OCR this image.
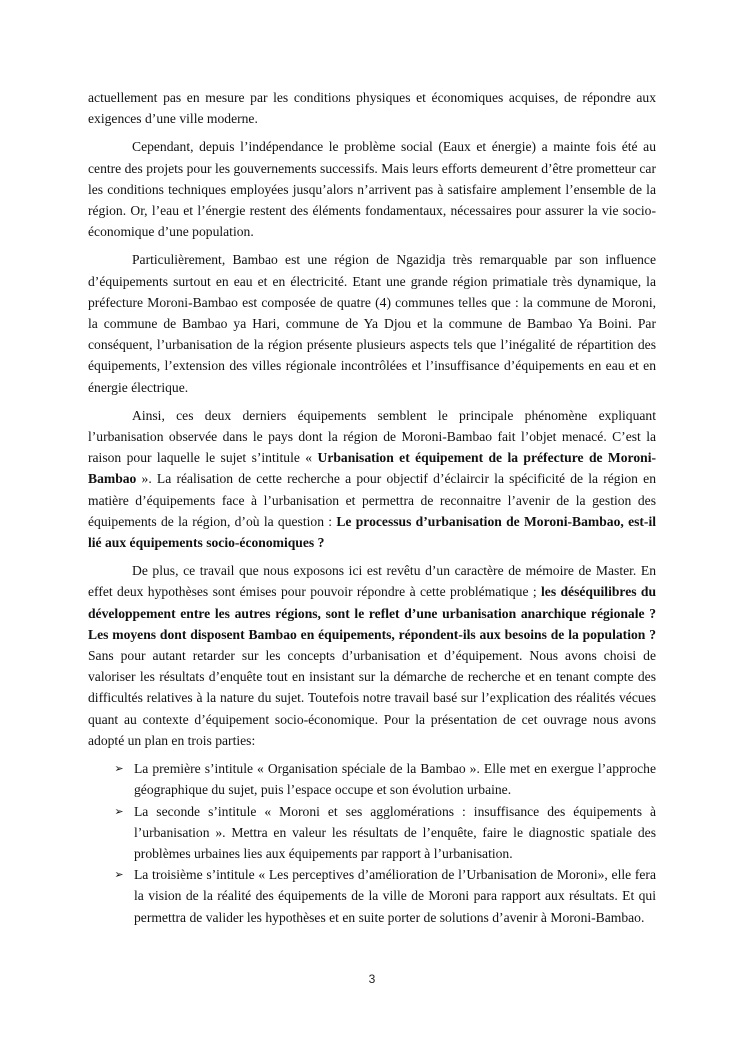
actuellement pas en mesure par les conditions physiques et économiques acquises, de répondre aux exigences d’une ville moderne.

Cependant, depuis l’indépendance le problème social (Eaux et énergie) a mainte fois été au centre des projets pour les gouvernements successifs. Mais leurs efforts demeurent d’être prometteur car les conditions techniques employées jusqu’alors n’arrivent pas à satisfaire amplement l’ensemble de la région. Or, l’eau et l’énergie restent des éléments fondamentaux, nécessaires pour assurer la vie socio-économique d’une population.

Particulièrement, Bambao est une région de Ngazidja très remarquable par son influence d’équipements surtout en eau et en électricité. Etant une grande région primatiale très dynamique, la préfecture Moroni-Bambao est composée de quatre (4) communes telles que : la commune de Moroni, la commune de Bambao ya Hari, commune de Ya Djou et la commune de Bambao Ya Boini. Par conséquent, l’urbanisation de la région présente plusieurs aspects tels que l’inégalité de répartition des équipements, l’extension des villes régionale incontrôlées et l’insuffisance d’équipements en eau et en énergie électrique.

Ainsi, ces deux derniers équipements semblent le principale phénomène expliquant l’urbanisation observée dans le pays dont la région de Moroni-Bambao fait l’objet menacé. C’est la raison pour laquelle le sujet s’intitule « Urbanisation et équipement de la préfecture de Moroni-Bambao ». La réalisation de cette recherche a pour objectif d’éclaircir la spécificité de la région en matière d’équipements face à l’urbanisation et permettra de reconnaitre l’avenir de la gestion des équipements de la région, d’où la question : Le processus d’urbanisation de Moroni-Bambao, est-il lié aux équipements socio-économiques ?

De plus, ce travail que nous exposons ici est revêtu d’un caractère de mémoire de Master. En effet deux hypothèses sont émises pour pouvoir répondre à cette problématique ; les déséquilibres du développement entre les autres régions, sont le reflet d’une urbanisation anarchique régionale ? Les moyens dont disposent Bambao en équipements, répondent-ils aux besoins de la population ? Sans pour autant retarder sur les concepts d’urbanisation et d’équipement. Nous avons choisi de valoriser les résultats d’enquête tout en insistant sur la démarche de recherche et en tenant compte des difficultés relatives à la nature du sujet. Toutefois notre travail basé sur l’explication des réalités vécues quant au contexte d’équipement socio-économique. Pour la présentation de cet ouvrage nous avons adopté un plan en trois parties:

➢ La première s’intitule « Organisation spéciale de la Bambao ». Elle met en exergue l’approche géographique du sujet, puis l’espace occupe et son évolution urbaine.
➢ La seconde s’intitule « Moroni et ses agglomérations : insuffisance des équipements à l’urbanisation ». Mettra en valeur les résultats de l’enquête, faire le diagnostic spatiale des problèmes urbaines lies aux équipements par rapport à l’urbanisation.
➢ La troisième s’intitule « Les perceptives d’amélioration de l’Urbanisation de Moroni», elle fera la vision de la réalité des équipements de la ville de Moroni para rapport aux résultats. Et qui permettra de valider les hypothèses et en suite porter de solutions d’avenir à Moroni-Bambao.
3
